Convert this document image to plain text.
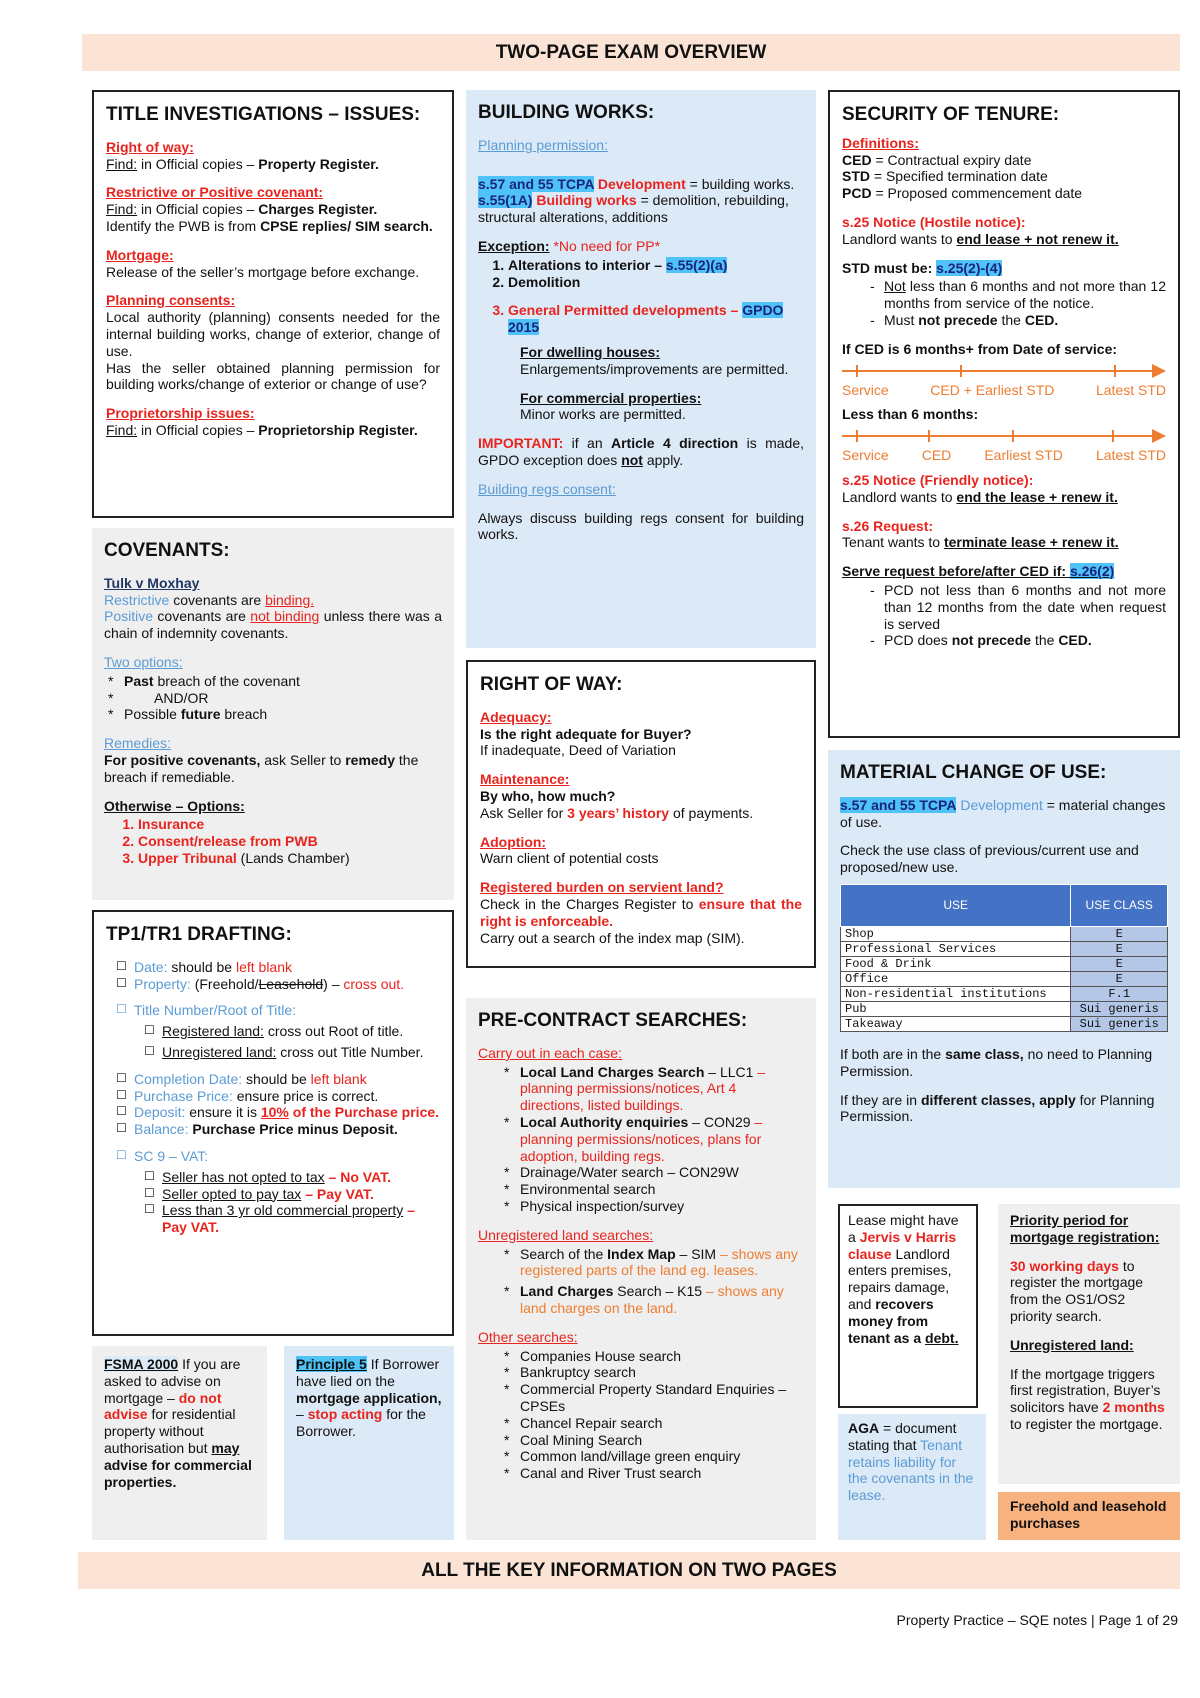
TWO-PAGE EXAM OVERVIEW
TITLE INVESTIGATIONS – ISSUES:
Right of way:
Find: in Official copies – Property Register.
Restrictive or Positive covenant:
Find: in Official copies – Charges Register.
Identify the PWB is from CPSE replies/ SIM search.
Mortgage:
Release of the seller’s mortgage before exchange.
Planning consents:
Local authority (planning) consents needed for the internal building works, change of exterior, change of use.
Has the seller obtained planning permission for building works/change of exterior or change of use?
Proprietorship issues:
Find: in Official copies – Proprietorship Register.
COVENANTS:
Tulk v Moxhay
Restrictive covenants are binding.
Positive covenants are not binding unless there was a chain of indemnity covenants.
Two options:
* Past breach of the covenant
* AND/OR
* Possible future breach
Remedies:
For positive covenants, ask Seller to remedy the breach if remediable.
Otherwise – Options:
1. Insurance
2. Consent/release from PWB
3. Upper Tribunal (Lands Chamber)
TP1/TR1 DRAFTING:
☐ Date: should be left blank
☐ Property: (Freehold/Leasehold) – cross out.
☐ Title Number/Root of Title:
☐ Registered land: cross out Root of title.
☐ Unregistered land: cross out Title Number.
☐ Completion Date: should be left blank
☐ Purchase Price: ensure price is correct.
☐ Deposit: ensure it is 10% of the Purchase price.
☐ Balance: Purchase Price minus Deposit.
☐ SC 9 – VAT:
☐ Seller has not opted to tax – No VAT.
☐ Seller opted to pay tax – Pay VAT.
☐ Less than 3 yr old commercial property – Pay VAT.
FSMA 2000 If you are asked to advise on mortgage – do not advise for residential property without authorisation but may advise for commercial properties.
Principle 5 If Borrower have lied on the mortgage application, – stop acting for the Borrower.
BUILDING WORKS:
Planning permission:
s.57 and 55 TCPA Development = building works.
s.55(1A) Building works = demolition, rebuilding, structural alterations, additions
Exception: *No need for PP*
1. Alterations to interior – s.55(2)(a)
2. Demolition
3. General Permitted developments – GPDO 2015
For dwelling houses:
Enlargements/improvements are permitted.
For commercial properties:
Minor works are permitted.
IMPORTANT: if an Article 4 direction is made, GPDO exception does not apply.
Building regs consent:
Always discuss building regs consent for building works.
RIGHT OF WAY:
Adequacy:
Is the right adequate for Buyer?
If inadequate, Deed of Variation
Maintenance:
By who, how much?
Ask Seller for 3 years’ history of payments.
Adoption:
Warn client of potential costs
Registered burden on servient land?
Check in the Charges Register to ensure that the right is enforceable.
Carry out a search of the index map (SIM).
PRE-CONTRACT SEARCHES:
Carry out in each case:
* Local Land Charges Search – LLC1 – planning permissions/notices, Art 4 directions, listed buildings.
* Local Authority enquiries – CON29 – planning permissions/notices, plans for adoption, building regs.
* Drainage/Water search – CON29W
* Environmental search
* Physical inspection/survey
Unregistered land searches:
* Search of the Index Map – SIM – shows any registered parts of the land eg. leases.
* Land Charges Search – K15 – shows any land charges on the land.
Other searches:
* Companies House search
* Bankruptcy search
* Commercial Property Standard Enquiries – CPSEs
* Chancel Repair search
* Coal Mining Search
* Common land/village green enquiry
* Canal and River Trust search
SECURITY OF TENURE:
Definitions:
CED = Contractual expiry date
STD = Specified termination date
PCD = Proposed commencement date
s.25 Notice (Hostile notice):
Landlord wants to end lease + not renew it.
STD must be: s.25(2)-(4)
- Not less than 6 months and not more than 12 months from service of the notice.
- Must not precede the CED.
If CED is 6 months+ from Date of service:
Service	CED + Earliest STD	Latest STD
Less than 6 months:
Service CED Earliest STD Latest STD
s.25 Notice (Friendly notice):
Landlord wants to end the lease + renew it.
s.26 Request:
Tenant wants to terminate lease + renew it.
Serve request before/after CED if: s.26(2)
- PCD not less than 6 months and not more than 12 months from the date when request is served
- PCD does not precede the CED.
MATERIAL CHANGE OF USE:
s.57 and 55 TCPA Development = material changes of use.
Check the use class of previous/current use and proposed/new use.
USE	USE CLASS
Shop	E
Professional Services	E
Food & Drink	E
Office	E
Non-residential institutions	F.1
Pub	Sui generis
Takeaway	Sui generis
If both are in the same class, no need to Planning Permission.
If they are in different classes, apply for Planning Permission.
Lease might have a Jervis v Harris clause Landlord enters premises, repairs damage, and recovers money from tenant as a debt.
AGA = document stating that Tenant retains liability for the covenants in the lease.
Priority period for mortgage registration:
30 working days to register the mortgage from the OS1/OS2 priority search.
Unregistered land:
If the mortgage triggers first registration, Buyer’s solicitors have 2 months to register the mortgage.
Freehold and leasehold purchases
ALL THE KEY INFORMATION ON TWO PAGES
Property Practice – SQE notes | Page 1 of 29
